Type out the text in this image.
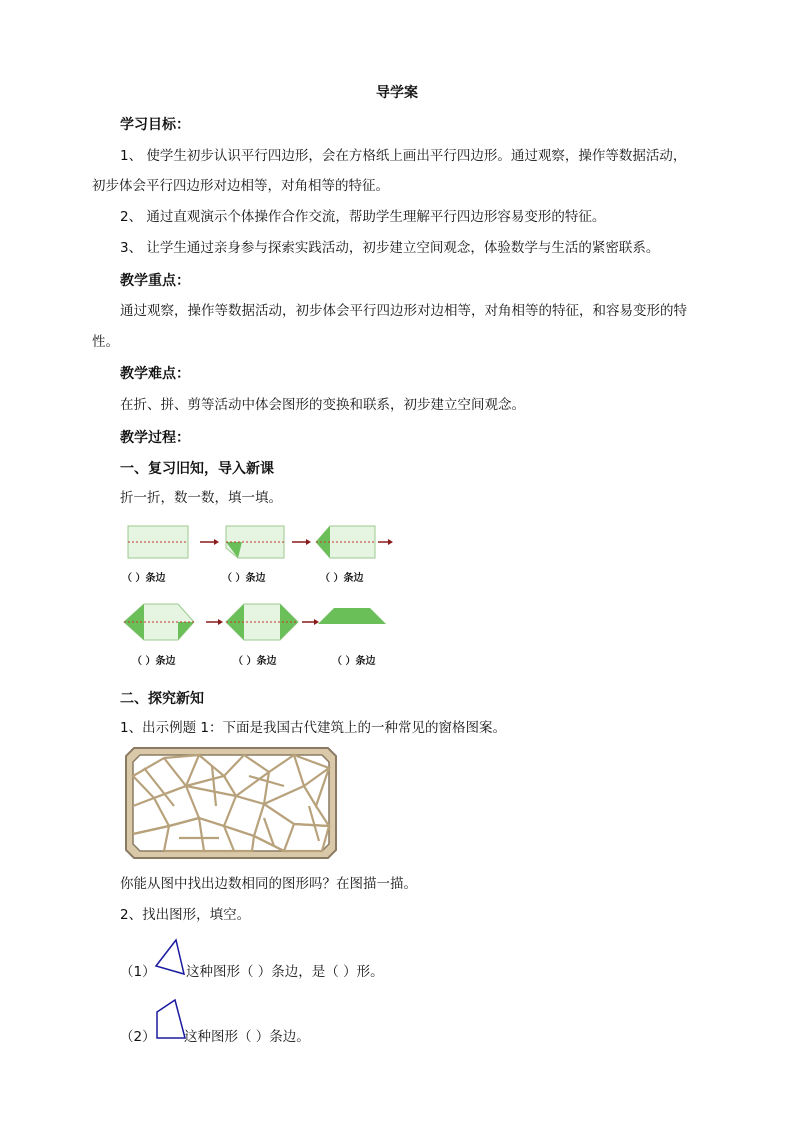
导学案
学习目标：
1、 使学生初步认识平行四边形，会在方格纸上画出平行四边形。通过观察，操作等数据活动，
初步体会平行四边形对边相等，对角相等的特征。
2、 通过直观演示个体操作合作交流，帮助学生理解平行四边形容易变形的特征。
3、 让学生通过亲身参与探索实践活动，初步建立空间观念，体验数学与生活的紧密联系。
教学重点：
通过观察，操作等数据活动，初步体会平行四边形对边相等，对角相等的特征，和容易变形的特
性。
教学难点：
在折、拼、剪等活动中体会图形的变换和联系，初步建立空间观念。
教学过程：
一、复习旧知，导入新课
折一折，数一数，填一填。
（ ）条边	（ ）条边	（ ）条边
（ ）条边	（ ）条边	（ ）条边
二、探究新知
1、出示例题 1：下面是我国古代建筑上的一种常见的窗格图案。
你能从图中找出边数相同的图形吗？在图描一描。
2、找出图形，填空。
（1） 这种图形（ ）条边，是（ ）形。
（2） 这种图形（ ）条边。
